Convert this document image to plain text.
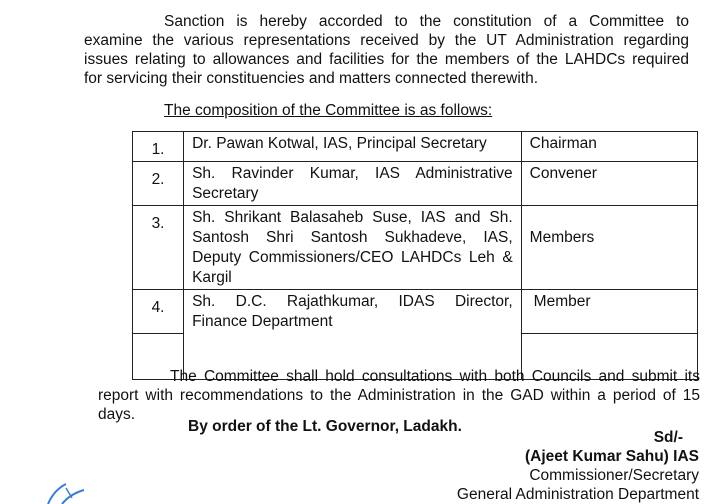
Sanction is hereby accorded to the constitution of a Committee to
examine the various representations received by the UT Administration regarding
issues relating to allowances and facilities for the members of the LAHDCs required
for servicing their constituencies and matters connected therewith.
The composition of the Committee is as follows:
1.	Dr. Pawan Kotwal, IAS, Principal Secretary	Chairman
2.	Sh. Ravinder Kumar, IAS Administrative
Secretary	Convener
3.	Sh. Shrikant Balasaheb Suse, IAS and Sh.
Santosh Shri Santosh Sukhadeve, IAS,
Deputy Commissioners/CEO LAHDCs Leh &
Kargil	Members
4.	Sh. D.C. Rajathkumar, IDAS Director,
Finance Department	Member

The Committee shall hold consultations with both Councils and submit its
report with recommendations to the Administration in the GAD within a period of 15
days.
By order of the Lt. Governor, Ladakh.
Sd/-
(Ajeet Kumar Sahu) IAS
Commissioner/Secretary
General Administration Department
